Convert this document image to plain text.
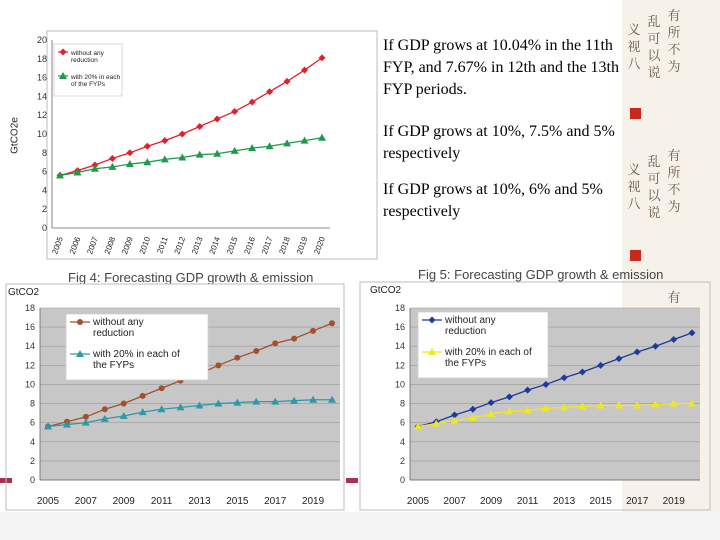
有所不为
乱可以说
义视八
有所不为
乱可以说
义视八
有

If GDP grows at 10.04% in the 11th FYP, and 7.67% in 12th and the 13th FYP periods.

If GDP grows at 10%, 7.5% and 5% respectively

If GDP grows at 10%, 6% and 5% respectively

Fig 4: Forecasting GDP growth & emission	Fig 5: Forecasting GDP growth & emission
GtCO2e
GtCO2	GtCO2
0
2
4
6
8
10
12
14
16
18
20
2005 2006 2007 2008 2009 2010 2011 2012 2013 2014 2015 2016 2017 2018 2019 2020
without any reduction
with 20% in each of the FYPs
0
2
4
6
8
10
12
14
16
18
2005 2007 2009 2011 2013 2015 2017 2019
without any reduction
with 20% in each of the FYPs
0
2
4
6
8
10
12
14
16
18
2005 2007 2009 2011 2013 2015 2017 2019
without any reduction
with 20% in each of the FYPs
